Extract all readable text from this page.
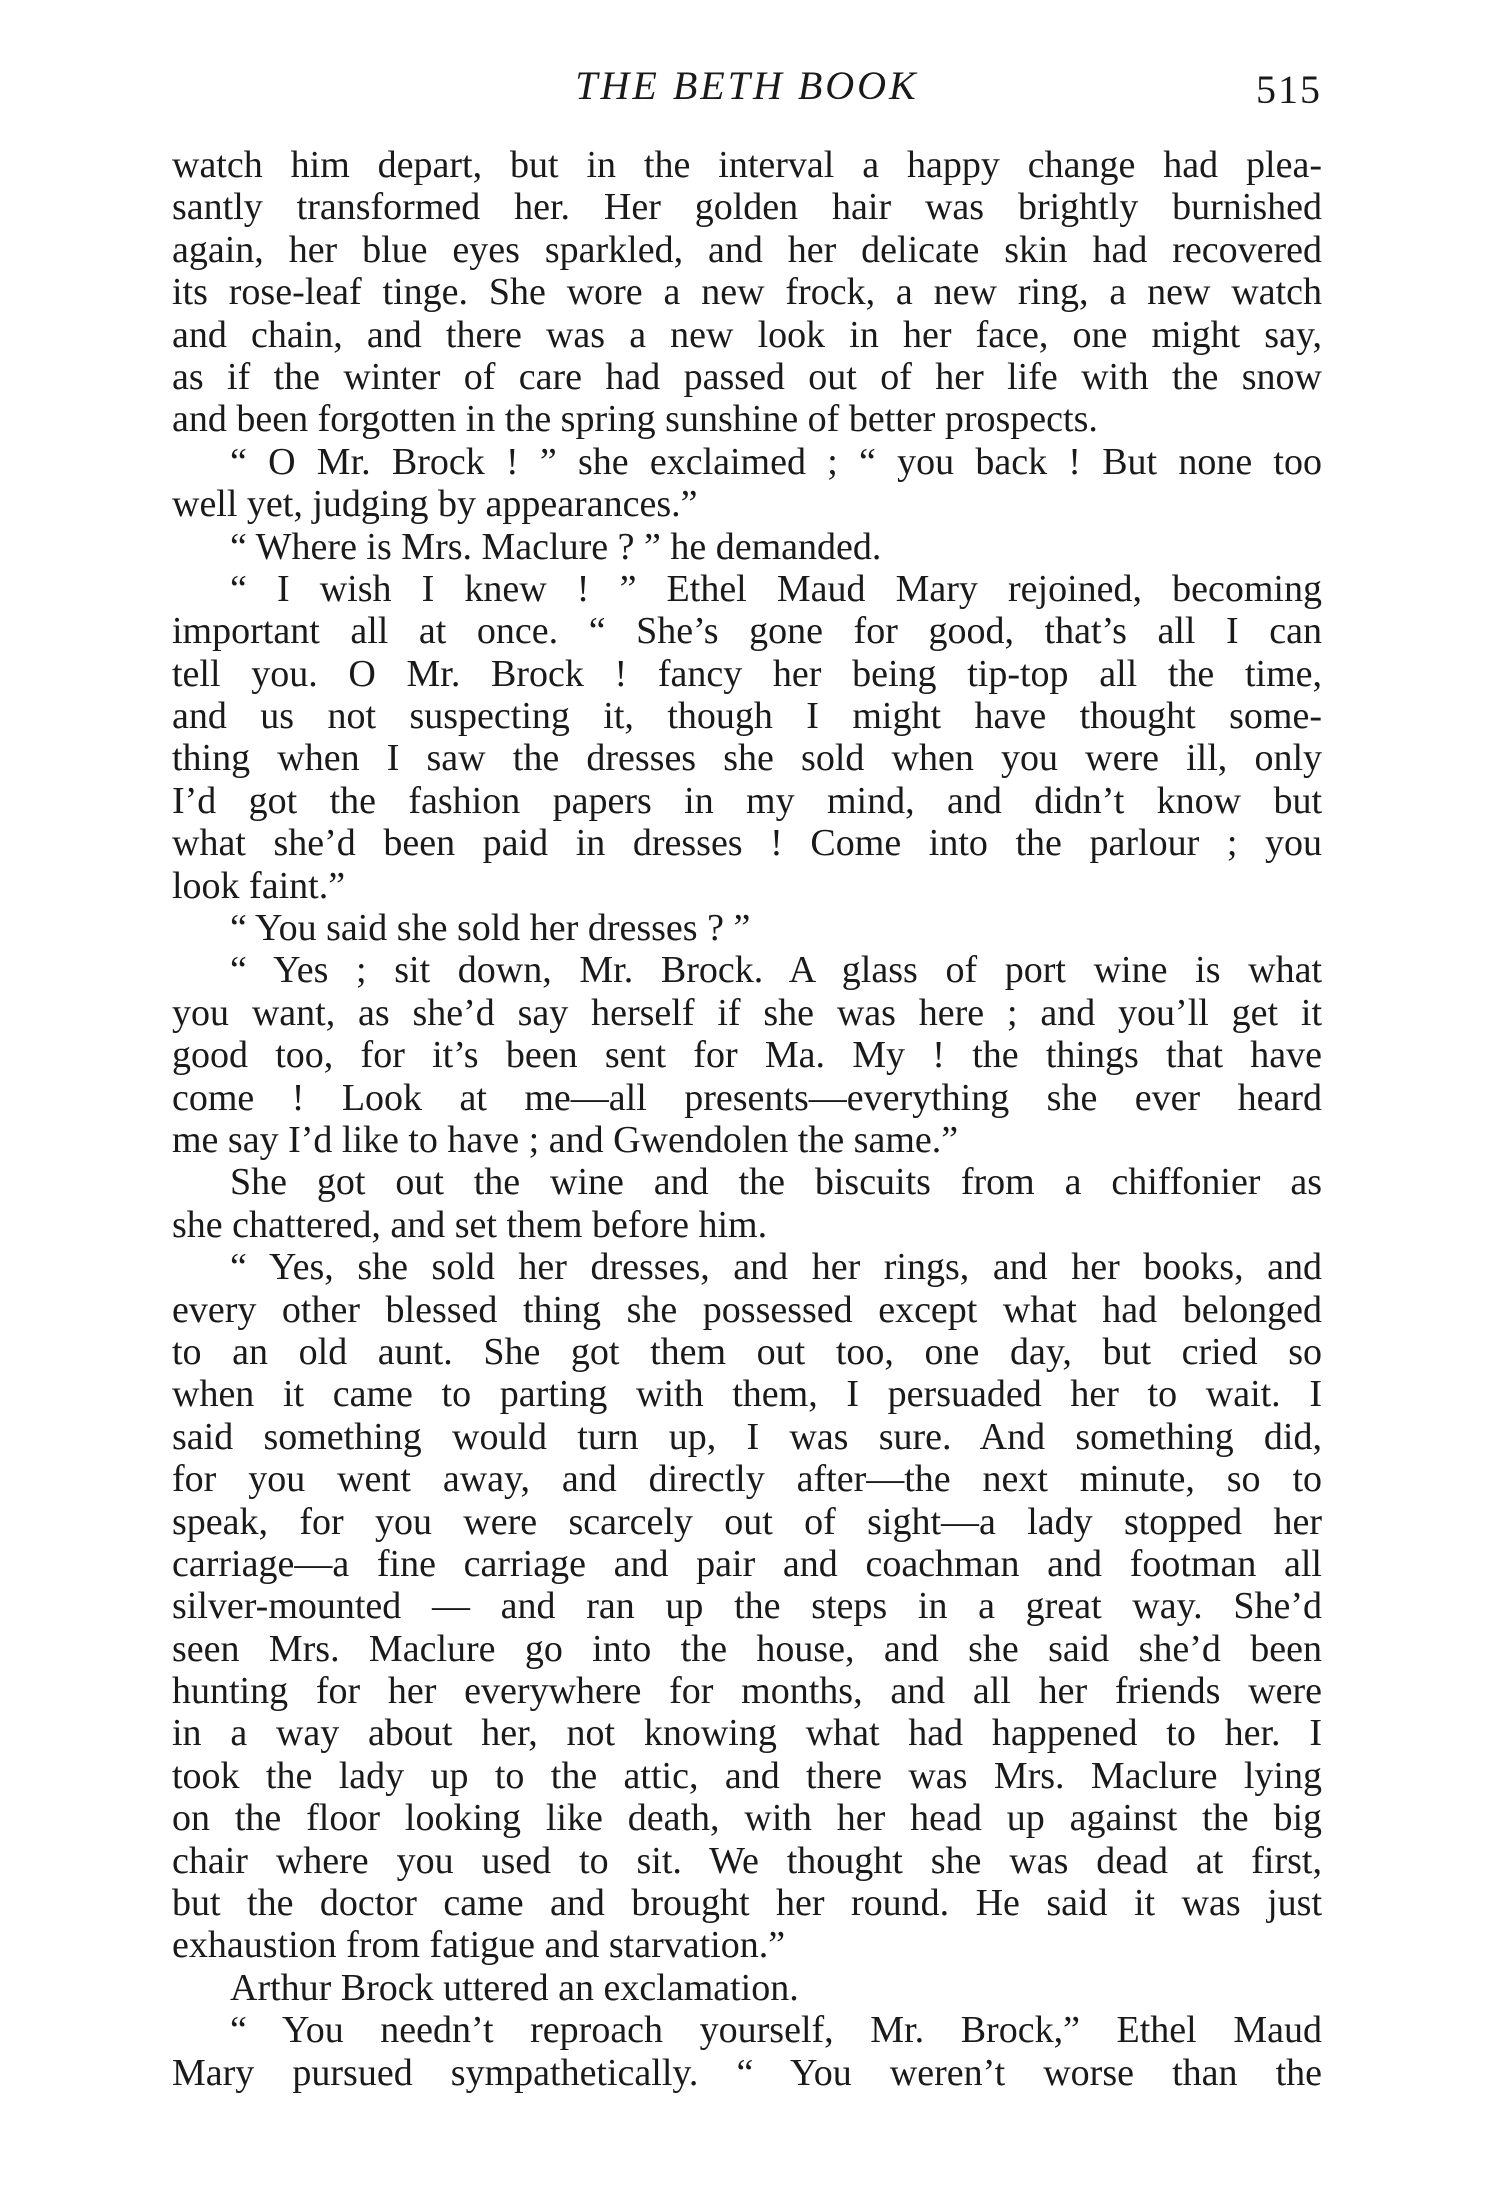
THE BETH BOOK	515
watch him depart, but in the interval a happy change had plea-
santly transformed her. Her golden hair was brightly burnished
again, her blue eyes sparkled, and her delicate skin had recovered
its rose-leaf tinge. She wore a new frock, a new ring, a new watch
and chain, and there was a new look in her face, one might say,
as if the winter of care had passed out of her life with the snow
and been forgotten in the spring sunshine of better prospects.
“ O Mr. Brock ! ” she exclaimed ; “ you back ! But none too
well yet, judging by appearances.”
“ Where is Mrs. Maclure ? ” he demanded.
“ I wish I knew ! ” Ethel Maud Mary rejoined, becoming
important all at once. “ She’s gone for good, that’s all I can
tell you. O Mr. Brock ! fancy her being tip-top all the time,
and us not suspecting it, though I might have thought some-
thing when I saw the dresses she sold when you were ill, only
I’d got the fashion papers in my mind, and didn’t know but
what she’d been paid in dresses ! Come into the parlour ; you
look faint.”
“ You said she sold her dresses ? ”
“ Yes ; sit down, Mr. Brock. A glass of port wine is what
you want, as she’d say herself if she was here ; and you’ll get it
good too, for it’s been sent for Ma. My ! the things that have
come ! Look at me—all presents—everything she ever heard
me say I’d like to have ; and Gwendolen the same.”
She got out the wine and the biscuits from a chiffonier as
she chattered, and set them before him.
“ Yes, she sold her dresses, and her rings, and her books, and
every other blessed thing she possessed except what had belonged
to an old aunt. She got them out too, one day, but cried so
when it came to parting with them, I persuaded her to wait. I
said something would turn up, I was sure. And something did,
for you went away, and directly after—the next minute, so to
speak, for you were scarcely out of sight—a lady stopped her
carriage—a fine carriage and pair and coachman and footman all
silver-mounted — and ran up the steps in a great way. She’d
seen Mrs. Maclure go into the house, and she said she’d been
hunting for her everywhere for months, and all her friends were
in a way about her, not knowing what had happened to her. I
took the lady up to the attic, and there was Mrs. Maclure lying
on the floor looking like death, with her head up against the big
chair where you used to sit. We thought she was dead at first,
but the doctor came and brought her round. He said it was just
exhaustion from fatigue and starvation.”
Arthur Brock uttered an exclamation.
“ You needn’t reproach yourself, Mr. Brock,” Ethel Maud
Mary pursued sympathetically. “ You weren’t worse than the
